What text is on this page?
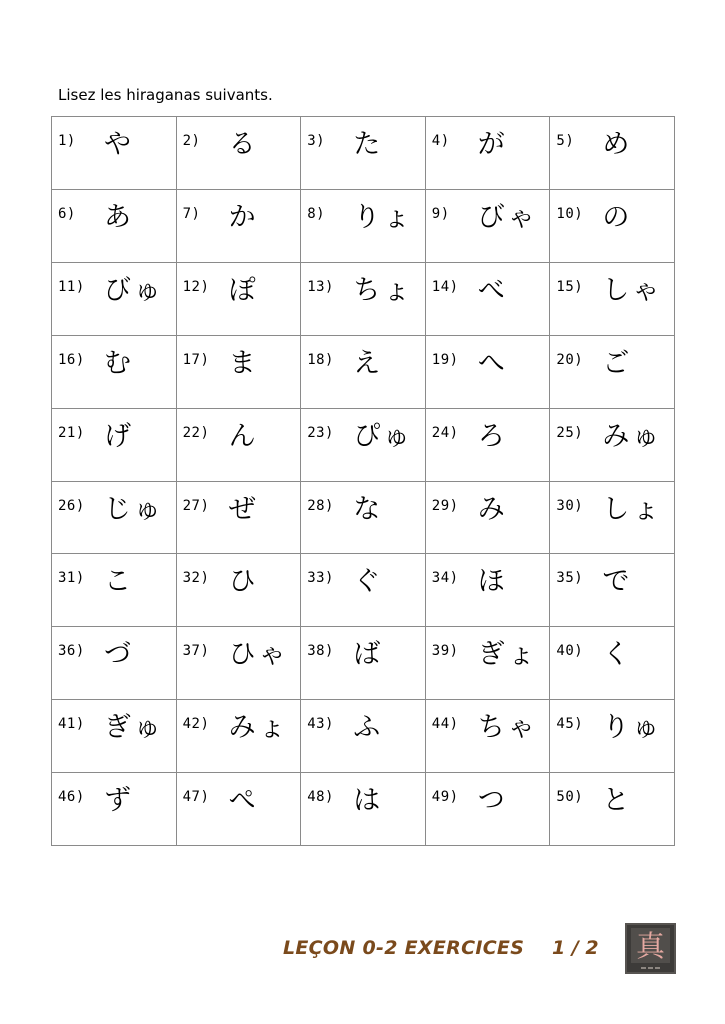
Lisez les hiraganas suivants.
1) や	2) る	3) た	4) が	5) め
6) あ	7) か	8) りょ 9) びゃ 10) の
11) びゅ 12) ぽ	13) ちょ 14) べ	15) しゃ
16) む	17) ま	18) え	19) へ	20) ご
21) げ	22) ん	23) ぴゅ 24) ろ	25) みゅ
26) じゅ 27) ぜ	28) な	29) み	30) しょ
31) こ	32) ひ	33) ぐ	34) ほ	35) で
36) づ	37) ひゃ 38) ば	39) ぎょ 40) く
41) ぎゅ 42) みょ 43) ふ	44) ちゃ 45) りゅ
46) ず	47) ぺ	48) は	49) つ	50) と
LEÇON 0-2 EXERCICES 1 / 2 真
